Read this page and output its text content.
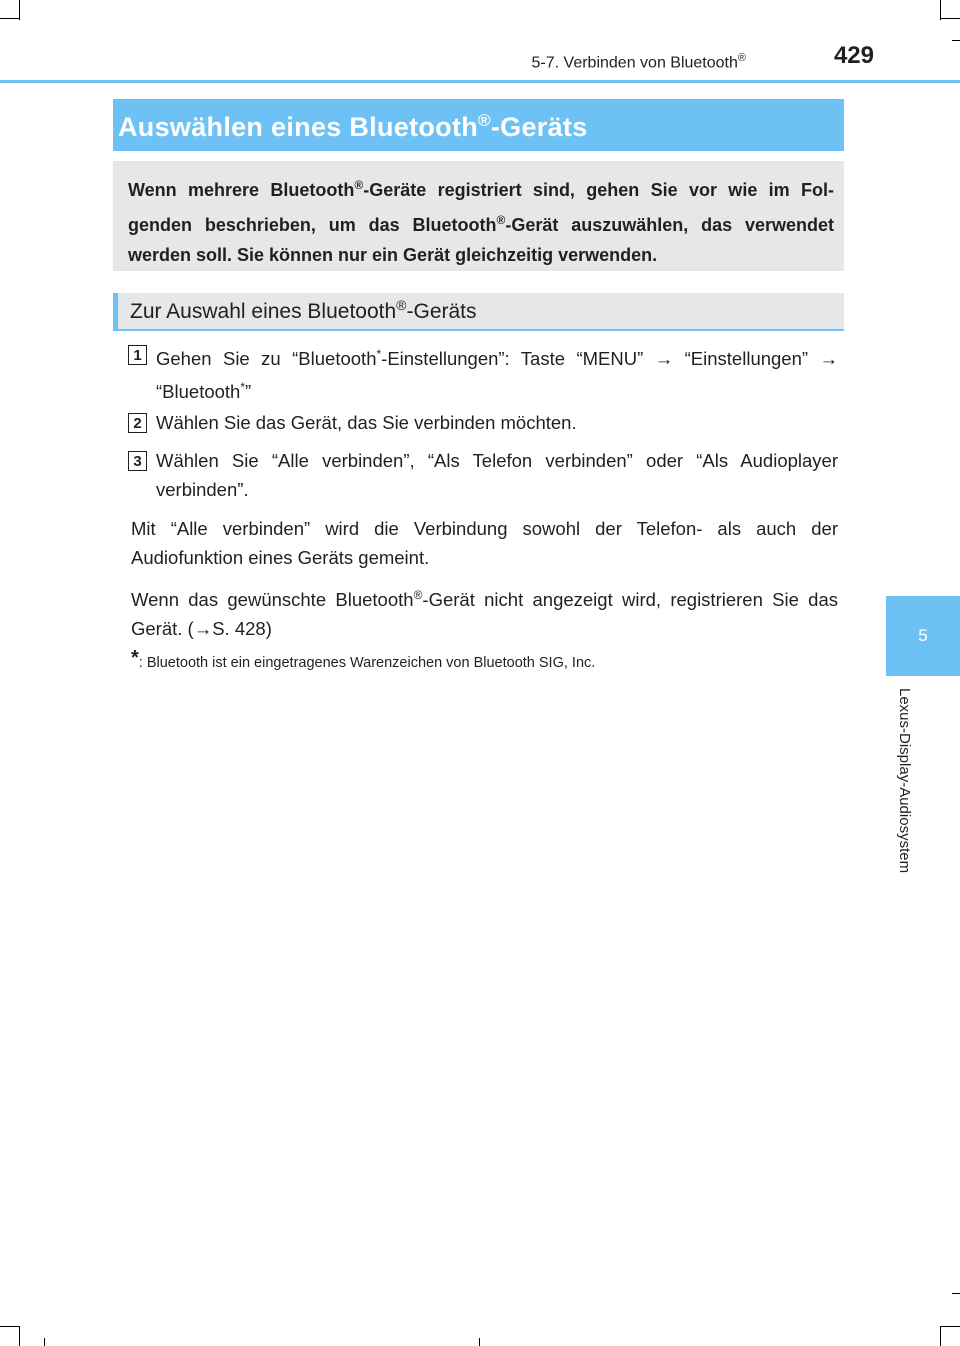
5-7. Verbinden von Bluetooth®	429
5
Lexus-Display-Audiosystem
Auswählen eines Bluetooth®-Geräts
Wenn mehrere Bluetooth®-Geräte registriert sind, gehen Sie vor wie im Fol-genden beschrieben, um das Bluetooth®-Gerät auszuwählen, das verwendet werden soll. Sie können nur ein Gerät gleichzeitig verwenden.
Zur Auswahl eines Bluetooth®-Geräts
1 Gehen Sie zu “Bluetooth*-Einstellungen”: Taste “MENU” → “Einstellungen” → “Bluetooth*”
2 Wählen Sie das Gerät, das Sie verbinden möchten.
3 Wählen Sie “Alle verbinden”, “Als Telefon verbinden” oder “Als Audioplayer verbinden”.
Mit “Alle verbinden” wird die Verbindung sowohl der Telefon- als auch der Audiofunktion eines Geräts gemeint.
Wenn das gewünschte Bluetooth®-Gerät nicht angezeigt wird, registrieren Sie das Gerät. (→S. 428)
*: Bluetooth ist ein eingetragenes Warenzeichen von Bluetooth SIG, Inc.
